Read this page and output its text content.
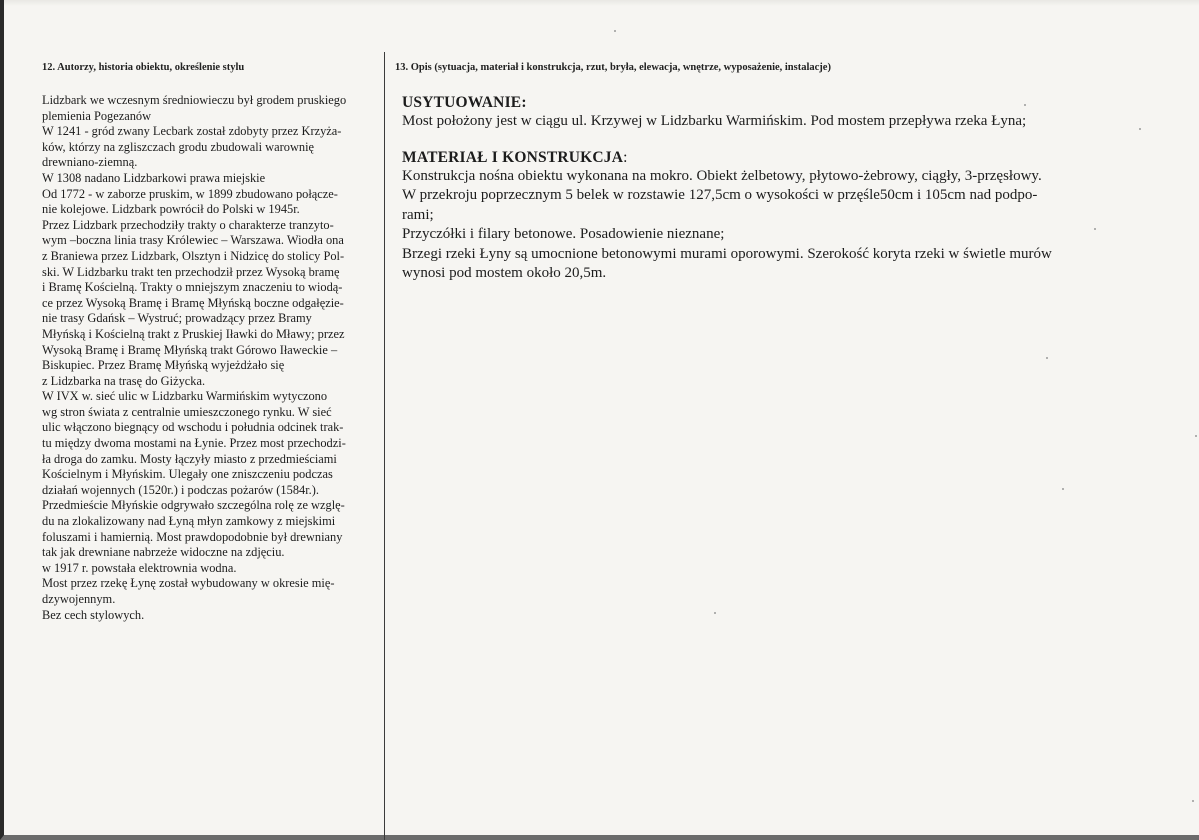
12. Autorzy, historia obiektu, określenie stylu	13. Opis (sytuacja, materiał i konstrukcja, rzut, bryła, elewacja, wnętrze, wyposażenie, instalacje)
Lidzbark we wczesnym średniowieczu był grodem pruskiego
plemienia Pogezanów
W 1241 - gród zwany Lecbark został zdobyty przez Krzyża-
ków, którzy na zgliszczach grodu zbudowali warownię
drewniano-ziemną.
W 1308 nadano Lidzbarkowi prawa miejskie
Od 1772 - w zaborze pruskim, w 1899 zbudowano połącze-
nie kolejowe. Lidzbark powrócił do Polski w 1945r.
Przez Lidzbark przechodziły trakty o charakterze tranzyto-
wym –boczna linia trasy Królewiec – Warszawa. Wiodła ona
z Braniewa przez Lidzbark, Olsztyn i Nidzicę do stolicy Pol-
ski. W Lidzbarku trakt ten przechodził przez Wysoką bramę
i Bramę Kościelną. Trakty o mniejszym znaczeniu to wiodą-
ce przez Wysoką Bramę i Bramę Młyńską boczne odgałęzie-
nie trasy Gdańsk – Wystruć; prowadzący przez Bramy
Młyńską i Kościelną trakt z Pruskiej Iławki do Mławy; przez
Wysoką Bramę i Bramę Młyńską trakt Górowo Iławeckie –
Biskupiec. Przez Bramę Młyńską wyjeżdżało się
z Lidzbarka na trasę do Giżycka.
W IVX w. sieć ulic w Lidzbarku Warmińskim wytyczono
wg stron świata z centralnie umieszczonego rynku. W sieć
ulic włączono biegnący od wschodu i południa odcinek trak-
tu między dwoma mostami na Łynie. Przez most przechodzi-
ła droga do zamku. Mosty łączyły miasto z przedmieściami
Kościelnym i Młyńskim. Ulegały one zniszczeniu podczas
działań wojennych (1520r.) i podczas pożarów (1584r.).
Przedmieście Młyńskie odgrywało szczególna rolę ze wzglę-
du na zlokalizowany nad Łyną młyn zamkowy z miejskimi
foluszami i hamiernią. Most prawdopodobnie był drewniany
tak jak drewniane nabrzeże widoczne na zdjęciu.
w 1917 r. powstała elektrownia wodna.
Most przez rzekę Łynę został wybudowany w okresie mię-
dzywojennym.
Bez cech stylowych.
USYTUOWANIE:
Most położony jest w ciągu ul. Krzywej w Lidzbarku Warmińskim. Pod mostem przepływa rzeka Łyna;
MATERIAŁ I KONSTRUKCJA:
Konstrukcja nośna obiektu wykonana na mokro. Obiekt żelbetowy, płytowo-żebrowy, ciągły, 3-przęsłowy.
W przekroju poprzecznym 5 belek w rozstawie 127,5cm o wysokości w przęśle50cm i 105cm nad podpo-
rami;
Przyczółki i filary betonowe. Posadowienie nieznane;
Brzegi rzeki Łyny są umocnione betonowymi murami oporowymi. Szerokość koryta rzeki w świetle murów
wynosi pod mostem około 20,5m.
